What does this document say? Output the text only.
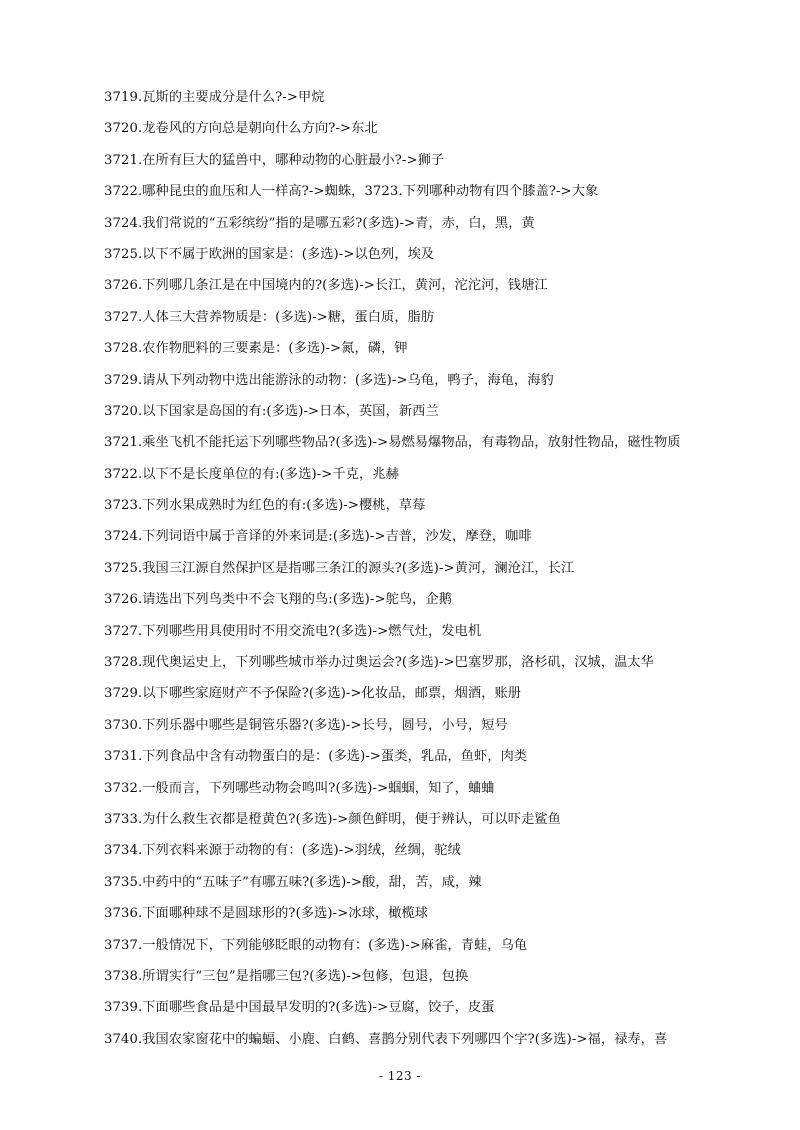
3719.瓦斯的主要成分是什么?->甲烷
3720.龙卷风的方向总是朝向什么方向?->东北
3721.在所有巨大的猛兽中，哪种动物的心脏最小?->狮子
3722.哪种昆虫的血压和人一样高?->蜘蛛，3723.下列哪种动物有四个膝盖?->大象
3724.我们常说的“五彩缤纷”指的是哪五彩?(多选)->青，赤，白，黑，黄
3725.以下不属于欧洲的国家是：(多选)->以色列，埃及
3726.下列哪几条江是在中国境内的?(多选)->长江，黄河，沱沱河，钱塘江
3727.人体三大营养物质是：(多选)->糖，蛋白质，脂肪
3728.农作物肥料的三要素是：(多选)->氮，磷，钾
3729.请从下列动物中选出能游泳的动物：(多选)->乌龟，鸭子，海龟，海豹
3720.以下国家是岛国的有:(多选)->日本，英国，新西兰
3721.乘坐飞机不能托运下列哪些物品?(多选)->易燃易爆物品，有毒物品，放射性物品，磁性物质
3722.以下不是长度单位的有:(多选)->千克，兆赫
3723.下列水果成熟时为红色的有:(多选)->樱桃，草莓
3724.下列词语中属于音译的外来词是:(多选)->吉普，沙发，摩登，咖啡
3725.我国三江源自然保护区是指哪三条江的源头?(多选)->黄河，澜沧江，长江
3726.请选出下列鸟类中不会飞翔的鸟:(多选)->鸵鸟，企鹅
3727.下列哪些用具使用时不用交流电?(多选)->燃气灶，发电机
3728.现代奥运史上，下列哪些城市举办过奥运会?(多选)->巴塞罗那，洛杉矶，汉城，温太华
3729.以下哪些家庭财产不予保险?(多选)->化妆品，邮票，烟酒，账册
3730.下列乐器中哪些是铜管乐器?(多选)->长号，圆号，小号，短号
3731.下列食品中含有动物蛋白的是：(多选)->蛋类，乳品，鱼虾，肉类
3732.一般而言，下列哪些动物会鸣叫?(多选)->蝈蝈，知了，蛐蛐
3733.为什么救生衣都是橙黄色?(多选)->颜色鲜明，便于辨认，可以吓走鲨鱼
3734.下列衣料来源于动物的有：(多选)->羽绒，丝绸，驼绒
3735.中药中的“五味子”有哪五味?(多选)->酸，甜，苦，咸，辣
3736.下面哪种球不是圆球形的?(多选)->冰球，橄榄球
3737.一般情况下，下列能够眨眼的动物有：(多选)->麻雀，青蛙，乌龟
3738.所谓实行“三包”是指哪三包?(多选)->包修，包退，包换
3739.下面哪些食品是中国最早发明的?(多选)->豆腐，饺子，皮蛋
3740.我国农家窗花中的蝙蝠、小鹿、白鹤、喜鹊分别代表下列哪四个字?(多选)->福，禄寿，喜
- 123 -
